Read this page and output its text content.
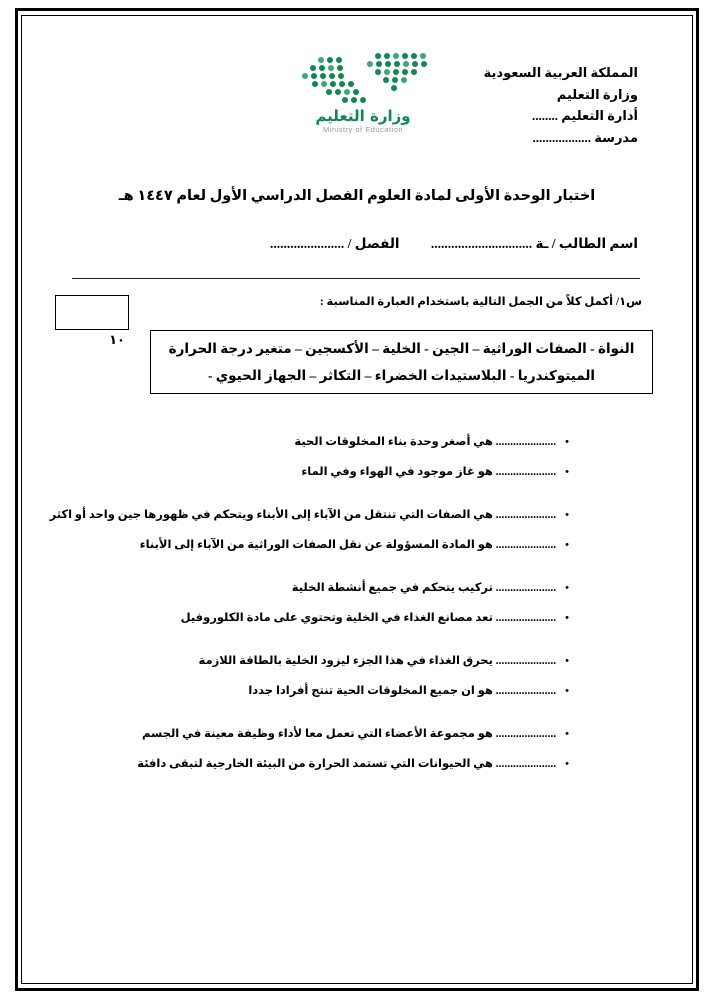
المملكة العربية السعودية
وزارة التعليم
أدارة التعليم ........
مدرسة ..................
وزارة التعليم
Ministry of Education
اختبار الوحدة الأولى لمادة العلوم الفصل الدراسي الأول لعام ١٤٤٧ هـ
اسم الطالب / ـة .............................. الفصل / ......................
س١/ أكمل كلاً من الجمل التالية باستخدام العبارة المناسبة :
١٠
النواة - الصفات الوراثية – الجين - الخلية – الأكسجين – متغير درجة الحرارة
الميتوكندريا - البلاستيدات الخضراء – التكاثر – الجهاز الحيوي -
•
..................... هي أصغر وحدة بناء المخلوقات الحية
•
..................... هو غاز موجود في الهواء وفي الماء
•
..................... هي الصفات التي تنتقل من الآباء إلى الأبناء ويتحكم في ظهورها جين واحد أو اكثر
•
..................... هو المادة المسؤولة عن نقل الصفات الوراثية من الآباء إلى الأبناء
•
..................... تركيب يتحكم في جميع أنشطة الخلية
•
..................... تعد مصانع الغذاء في الخلية وتحتوي على مادة الكلوروفيل
•
..................... يحرق الغذاء في هذا الجزء ليزود الخلية بالطاقة اللازمة
•
..................... هو ان جميع المخلوقات الحية تنتج أفرادا جددا
•
..................... هو مجموعة الأعضاء التي تعمل معا لأداء وظيفة معينة في الجسم
•
..................... هي الحيوانات التي تستمد الحرارة من البيئة الخارجية لتبقى دافئة
